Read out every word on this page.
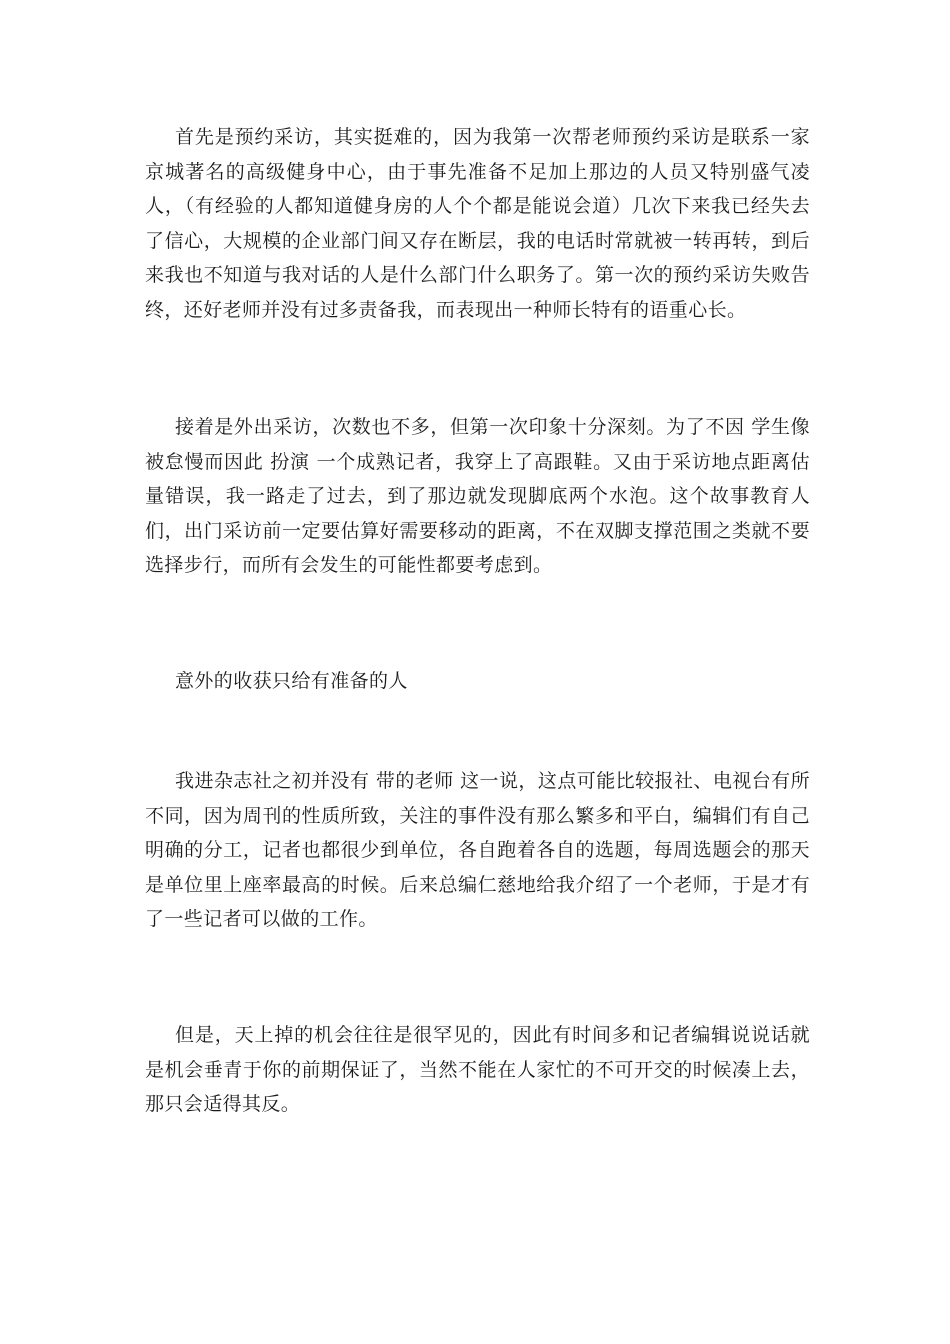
首先是预约采访，其实挺难的，因为我第一次帮老师预约采访是联系一家京城著名的高级健身中心，由于事先准备不足加上那边的人员又特别盛气凌人，（有经验的人都知道健身房的人个个都是能说会道）几次下来我已经失去了信心，大规模的企业部门间又存在断层，我的电话时常就被一转再转，到后来我也不知道与我对话的人是什么部门什么职务了。第一次的预约采访失败告终，还好老师并没有过多责备我，而表现出一种师长特有的语重心长。

接着是外出采访，次数也不多，但第一次印象十分深刻。为了不因 学生像被怠慢而因此 扮演 一个成熟记者，我穿上了高跟鞋。又由于采访地点距离估量错误，我一路走了过去，到了那边就发现脚底两个水泡。这个故事教育人们，出门采访前一定要估算好需要移动的距离，不在双脚支撑范围之类就不要选择步行，而所有会发生的可能性都要考虑到。

意外的收获只给有准备的人

我进杂志社之初并没有 带的老师 这一说，这点可能比较报社、电视台有所不同，因为周刊的性质所致，关注的事件没有那么繁多和平白，编辑们有自己明确的分工，记者也都很少到单位，各自跑着各自的选题，每周选题会的那天是单位里上座率最高的时候。后来总编仁慈地给我介绍了一个老师，于是才有了一些记者可以做的工作。

但是，天上掉的机会往往是很罕见的，因此有时间多和记者编辑说说话就是机会垂青于你的前期保证了，当然不能在人家忙的不可开交的时候凑上去，那只会适得其反。
